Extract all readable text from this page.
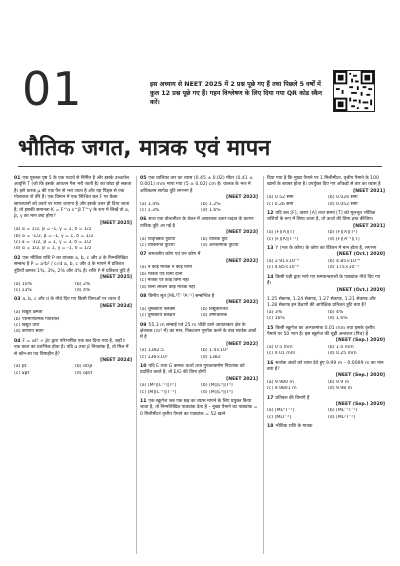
01	इस अध्याय से NEET 2025 में 2 प्रश्न पूछे गए हैं तथा पिछले 5 वर्षों में कुल 12 प्रश्न पूछे गए हैं। गहन विश्लेषण के लिए दिया गया QR कोड स्कैन करें।
भौतिक जगत, मात्रक एवं मापन
01 एक पुस्तक पृष्ठ 5 के एक पदार्थ से निर्मित है और इसके उच्चतोल आवृत्ति T (जो कि इसके आयतन गैस भरी जाती है) का छोटा हो सकता है। इसे धारक μ की एक पैन से भरा जाता है और यह पिंड्स से एक गोलाकार से तीरे हैं। एक विमान में एक निश्चित बल F पर कैसा छायस्थानों को उतारे पर मापा जाएगा है और इसके उत्तर ही दिया जाता है, तो इसकी समानता K = F^α s^β T^γ के रूप में लिखें तो α, β, γ का मान क्या होगा?
[NEET 2025]
(a) α = 1/2, β = -1, γ = 1, δ = 1/2
(b) α = -1/2, β = -1, γ = 1, δ = 1/2
(c) α = -1/2, β = 1, γ = 3, δ = 1/2
(d) α = 1/2, β = 1, γ = -1, δ = 1/2
02 एक भौतिक राशि P का व्यंजक a, b, c और d के निम्नलिखित सम्बन्ध है P = a³b² / c√d a, b, c और d के मापने में प्रतिशत त्रुटियाँ क्रमशः 1%, 3%, 2% और 4% हैं। राशि P में प्रतिशत त्रुटि है
[NEET 2025]
(a) 10%	(b) 2%
(c) 13%	(d) 4%
03 a, b, c और d के नीचे दिए गए किसी विमाओं पर ध्यान दें
[NEET 2024]
(a) विद्युत क्षमता
(b) परिमाणात्मक गतिशील
(c) विद्युत धारा
(d) कोणीय संवेग
04 F = αt² + βt द्वारा परिभाषित एक बल दिया गया है, जहाँ t एक काल का प्रारंभिक होता है। यदि α तथा β नियतांक हैं, तो मिल में से कौन-सा पद विमाहीन है?
[NEET 2024]
(a) βt	(b) αt/β
(c) αβt	(d) αβ/t
05 एक चालिका तार का व्यास (0.45 ± 0.02) मीटर (0.41 ± 0.001) mm मापा गया (5 ± 0.02) cm है। चालक के भार में अधिकतम सापेक्ष त्रुटि लगभग है
[NEET 2023]
(a) 1.4%	(b) 1.2%
(c) 1.3%	(d) 1.6%
06 साथ एक वोल्टमीटर के चेकर में आवश्यक उतार-चढ़ाव के कारण यांत्रिक त्रुटि आ गई है
[NEET 2023]
(a) यादृच्छिक त्रुटियाँ	(b) यांत्रिक त्रुटि
(c) व्यक्तिगत त्रुटियाँ	(d) अल्पतमांक त्रुटियाँ
07 समतलीय कोण एवं घन कोण में
[NEET 2022]
(a) न कोई मात्रक न कोई विमा
(b) मात्रक एवं विमा दोनों
(c) मात्रक पर कोई विमा नहीं
(d) बिना लेकिन कोई मात्रक नहीं
08 विमीय सूत्र [ML²T⁻³A⁻¹] सम्बन्धित है
[NEET 2022]
(a) चुम्बकीय फ्लक्स	(b) विद्युतविभव
(c) चुम्बकीय बलक्षेत्र	(d) उष्णचालक
09 55.3 m लम्बाई एवं 25 m चौड़ी वाले आयताकार क्षेत्र के क्षेत्रफल (m² में) का मान, निकटतम पूर्णांक करने के बाद सार्थक अंकों में है
[NEET 2022]
(a) 1382.5	(b) 1.4×10³
(c) 138×10¹	(d) 1382
10 यदि E तथा G क्रमशः ऊर्जा तथा गुरुत्वाकर्षण नियतांक को प्रदर्शित करते हैं, तो E/G की विमा होगी
[NEET 2021]
(a) [M²][L⁻²][T⁰]	(b) [M][L⁰][T⁰]
(c) [M][L⁻¹][T⁻²]	(d) [M][L⁰][T⁰]
11 एक स्क्रूगेज जब एक छड़ का व्यास मापने के लिए प्रयुक्त किया जाता है, तो निम्नलिखित पाठ्यांक देता है – मुख्य पैमाने का पाठ्यांक = 0 मिलीमीटर वृत्तीय पैमाने का पाठ्यांक = 52 खाने
दिया गया है कि मुख्य पैमाने पर 1 मिलीमीटर, वृत्तीय पैमाने के 100 खानों के बराबर होता है। उपर्युक्त दिए गए आँकड़ों से तार का व्यास है
[NEET 2021]
(a) 0.52 सेमी	(b) 0.026 सेमी
(c) 0.26 सेमी	(d) 0.052 सेमी
12 यदि बल [F], त्वरण [A] तथा समय [T] को मूलभूत भौतिक राशियों के रूप में लिया जाता है, तो ऊर्जा की विमा ज्ञात कीजिए।
[NEET 2021]
(a) [F][A][T]	(b) [F][A][T²]
(c) [F][A][T⁻¹]	(d) [F][A⁻¹][T]
13 Y (भार के कोण) के कोण का रेडियन में मान होता है, लगभग
[NEET (Oct.) 2020]
(a) 2.91×10⁻⁴	(b) 4.85×10⁻⁴
(c) 4.85×10⁻⁶	(d) 175×10⁻³
14 किसी घड़ी द्वारा मापे गए समयान्तरालों के पाठ्यांक नीचे दिए गए हैं।
[NEET (Oct.) 2020]
1.25 सेकण्ड, 1.24 सेकण्ड, 1.27 सेकण्ड, 1.21 सेकण्ड और 1.28 सेकण्ड इन प्रेक्षणों की आपेक्षिक प्रतिशत त्रुटि क्या है?
(a) 3%	(b) 4%
(c) 16%	(d) 1.6%
15 किसी स्क्रूगेज का अल्पतमांक 0.01 mm तथा इसके वृत्तीय पैमाने पर 50 भाग है। इस स्क्रूगेज की चूड़ी अन्तराल (पिच) है
[NEET (Sep.) 2020]
(a) 0.5 mm	(b) 1.0 mm
(c) 0.01 mm	(d) 0.25 mm
16 सार्थक अंकों को ध्यान देते हुए 9.99 m – 0.0099 m का मान क्या है?
[NEET (Sep.) 2020]
(a) 9.980 m	(b) 9.9 m
(c) 9.9801 m	(d) 9.98 m
17 प्रतिबल की विमाएँ हैं
[NEET (Sep.) 2020]
(a) [ML⁰T⁻²]	(b) [ML⁻¹T⁻²]
(c) [MLT⁻²]	(d) [ML²T⁻²]
18 भौतिक राशि के मात्रक
